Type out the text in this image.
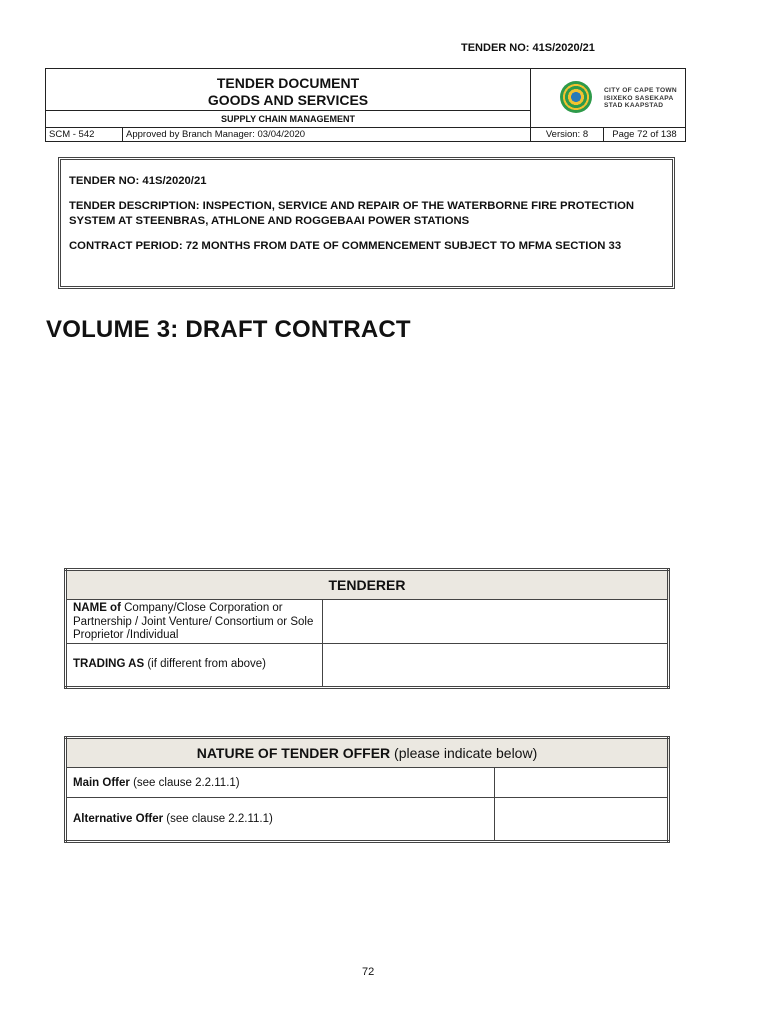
TENDER NO: 41S/2020/21
TENDER DOCUMENT
GOODS AND SERVICES
SUPPLY CHAIN MANAGEMENT
CITY OF CAPE TOWN
ISIXEKO SASEKAPA
STAD KAAPSTAD
SCM - 542	Approved by Branch Manager: 03/04/2020	Version: 8	Page 72 of 138

TENDER NO: 41S/2020/21

TENDER DESCRIPTION: INSPECTION, SERVICE AND REPAIR OF THE WATERBORNE FIRE PROTECTION SYSTEM AT STEENBRAS, ATHLONE AND ROGGEBAAI POWER STATIONS

CONTRACT PERIOD: 72 MONTHS FROM DATE OF COMMENCEMENT SUBJECT TO MFMA SECTION 33

VOLUME 3: DRAFT CONTRACT
TENDERER	
NAME of Company/Close Corporation or Partnership / Joint Venture/ Consortium or Sole Proprietor /Individual	
TRADING AS (if different from above)	
NATURE OF TENDER OFFER (please indicate below)	
Main Offer (see clause 2.2.11.1)	
Alternative Offer (see clause 2.2.11.1)	
72
